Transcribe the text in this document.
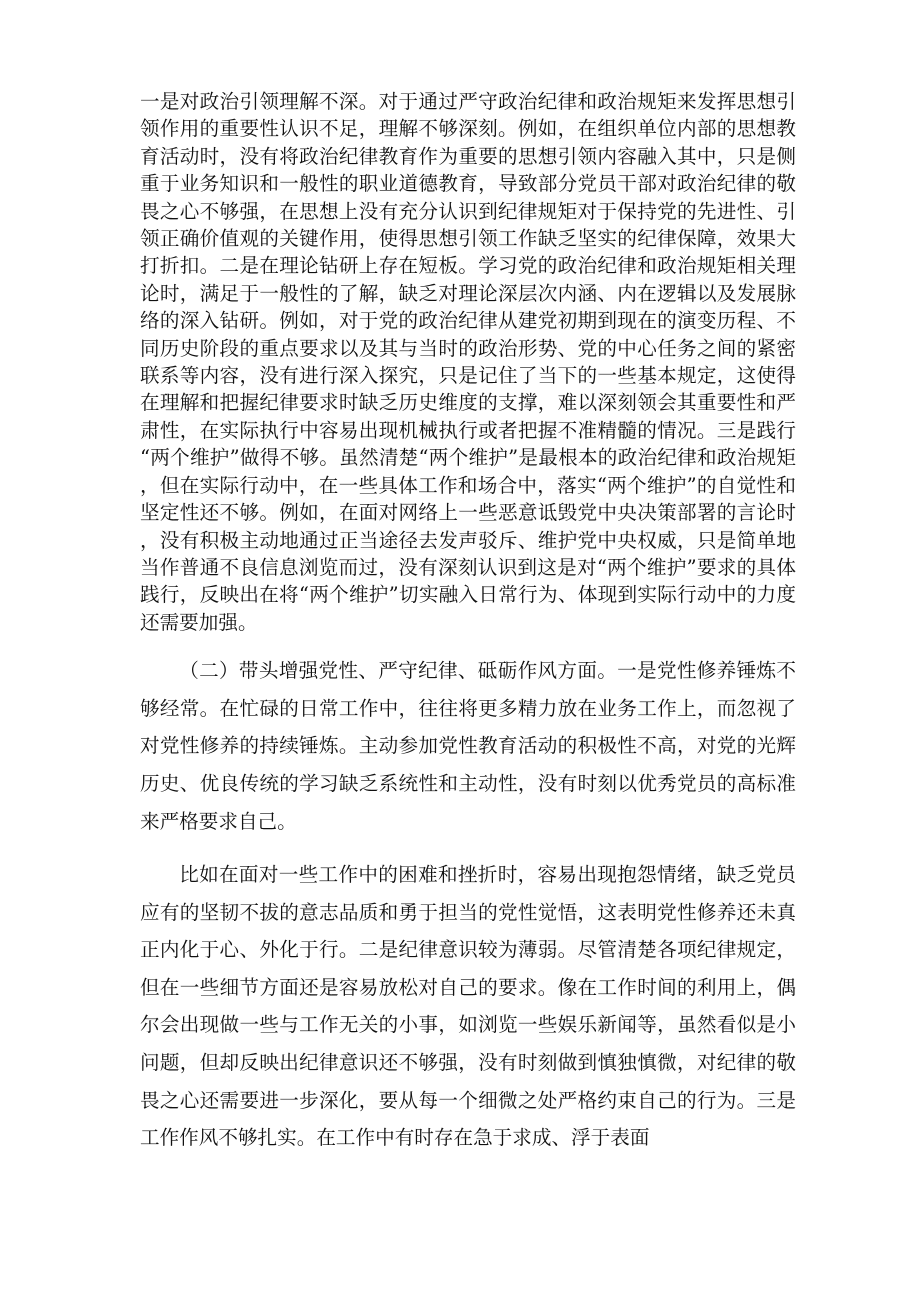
一是对政治引领理解不深。对于通过严守政治纪律和政治规矩来发挥思想引领作用的重要性认识不足，理解不够深刻。例如，在组织单位内部的思想教育活动时，没有将政治纪律教育作为重要的思想引领内容融入其中，只是侧重于业务知识和一般性的职业道德教育，导致部分党员干部对政治纪律的敬畏之心不够强，在思想上没有充分认识到纪律规矩对于保持党的先进性、引领正确价值观的关键作用，使得思想引领工作缺乏坚实的纪律保障，效果大打折扣。二是在理论钻研上存在短板。学习党的政治纪律和政治规矩相关理论时，满足于一般性的了解，缺乏对理论深层次内涵、内在逻辑以及发展脉络的深入钻研。例如，对于党的政治纪律从建党初期到现在的演变历程、不同历史阶段的重点要求以及其与当时的政治形势、党的中心任务之间的紧密联系等内容，没有进行深入探究，只是记住了当下的一些基本规定，这使得在理解和把握纪律要求时缺乏历史维度的支撑，难以深刻领会其重要性和严肃性，在实际执行中容易出现机械执行或者把握不准精髓的情况。三是践行“两个维护”做得不够。虽然清楚“两个维护”是最根本的政治纪律和政治规矩，但在实际行动中，在一些具体工作和场合中，落实“两个维护”的自觉性和坚定性还不够。例如，在面对网络上一些恶意诋毁党中央决策部署的言论时，没有积极主动地通过正当途径去发声驳斥、维护党中央权威，只是简单地当作普通不良信息浏览而过，没有深刻认识到这是对“两个维护”要求的具体践行，反映出在将“两个维护”切实融入日常行为、体现到实际行动中的力度还需要加强。

（二）带头增强党性、严守纪律、砥砺作风方面。一是党性修养锤炼不够经常。在忙碌的日常工作中，往往将更多精力放在业务工作上，而忽视了对党性修养的持续锤炼。主动参加党性教育活动的积极性不高，对党的光辉历史、优良传统的学习缺乏系统性和主动性，没有时刻以优秀党员的高标准来严格要求自己。

比如在面对一些工作中的困难和挫折时，容易出现抱怨情绪，缺乏党员应有的坚韧不拔的意志品质和勇于担当的党性觉悟，这表明党性修养还未真正内化于心、外化于行。二是纪律意识较为薄弱。尽管清楚各项纪律规定，但在一些细节方面还是容易放松对自己的要求。像在工作时间的利用上，偶尔会出现做一些与工作无关的小事，如浏览一些娱乐新闻等，虽然看似是小问题，但却反映出纪律意识还不够强，没有时刻做到慎独慎微，对纪律的敬畏之心还需要进一步深化，要从每一个细微之处严格约束自己的行为。三是工作作风不够扎实。在工作中有时存在急于求成、浮于表面
